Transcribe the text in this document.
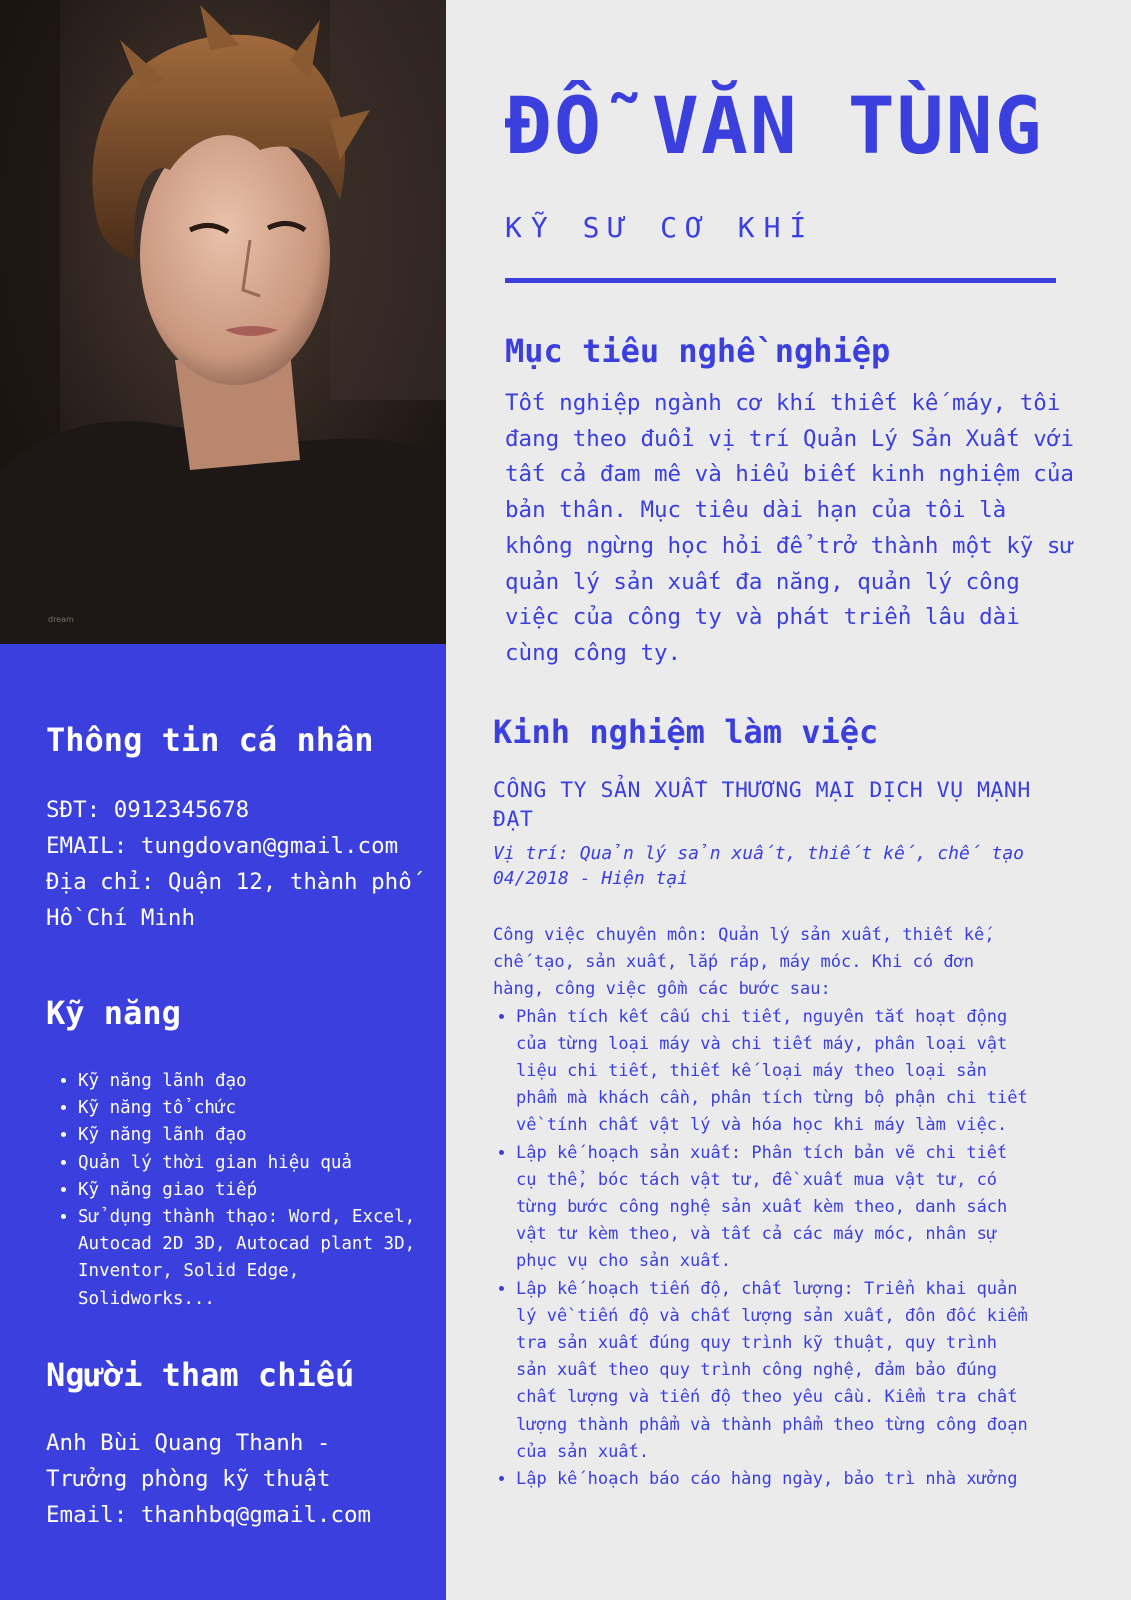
dream
ĐỖ VĂN TÙNG
KỸ SƯ CƠ KHÍ
Mục tiêu nghề nghiệp
Tốt nghiệp ngành cơ khí thiết kế máy, tôi đang theo đuổi vị trí Quản Lý Sản Xuất với tất cả đam mê và hiểu biết kinh nghiệm của bản thân. Mục tiêu dài hạn của tôi là không ngừng học hỏi để trở thành một kỹ sư quản lý sản xuất đa năng, quản lý công việc của công ty và phát triển lâu dài cùng công ty.
Kinh nghiệm làm việc
CÔNG TY SẢN XUẤT THƯƠNG MẠI DỊCH VỤ MẠNH ĐẠT
Vị trí: Quản lý sản xuất, thiết kế, chế tạo
04/2018 - Hiện tại
Công việc chuyên môn: Quản lý sản xuất, thiết kế, chế tạo, sản xuất, lắp ráp, máy móc. Khi có đơn hàng, công việc gồm các bước sau:
• Phân tích kết cấu chi tiết, nguyên tắt hoạt động của từng loại máy và chi tiết máy, phân loại vật liệu chi tiết, thiết kế loại máy theo loại sản phẩm mà khách cần, phân tích từng bộ phận chi tiết về tính chất vật lý và hóa học khi máy làm việc.
• Lập kế hoạch sản xuất: Phân tích bản vẽ chi tiết cụ thể, bóc tách vật tư, đề xuất mua vật tư, có từng bước công nghệ sản xuất kèm theo, danh sách vật tư kèm theo, và tất cả các máy móc, nhân sự phục vụ cho sản xuất.
• Lập kế hoạch tiến độ, chất lượng: Triển khai quản lý về tiến độ và chất lượng sản xuất, đôn đốc kiểm tra sản xuất đúng quy trình kỹ thuật, quy trình sản xuất theo quy trình công nghệ, đảm bảo đúng chất lượng và tiến độ theo yêu cầu. Kiểm tra chất lượng thành phẩm và thành phẩm theo từng công đoạn của sản xuất.
• Lập kế hoạch báo cáo hàng ngày, bảo trì nhà xưởng
Thông tin cá nhân
SĐT: 0912345678
EMAIL: tungdovan@gmail.com
Địa chỉ: Quận 12, thành phố Hồ Chí Minh
Kỹ năng
• Kỹ năng lãnh đạo
• Kỹ năng tổ chức
• Kỹ năng lãnh đạo
• Quản lý thời gian hiệu quả
• Kỹ năng giao tiếp
• Sử dụng thành thạo: Word, Excel, Autocad 2D 3D, Autocad plant 3D, Inventor, Solid Edge, Solidworks...
Người tham chiếu
Anh Bùi Quang Thanh -
Trưởng phòng kỹ thuật
Email: thanhbq@gmail.com
